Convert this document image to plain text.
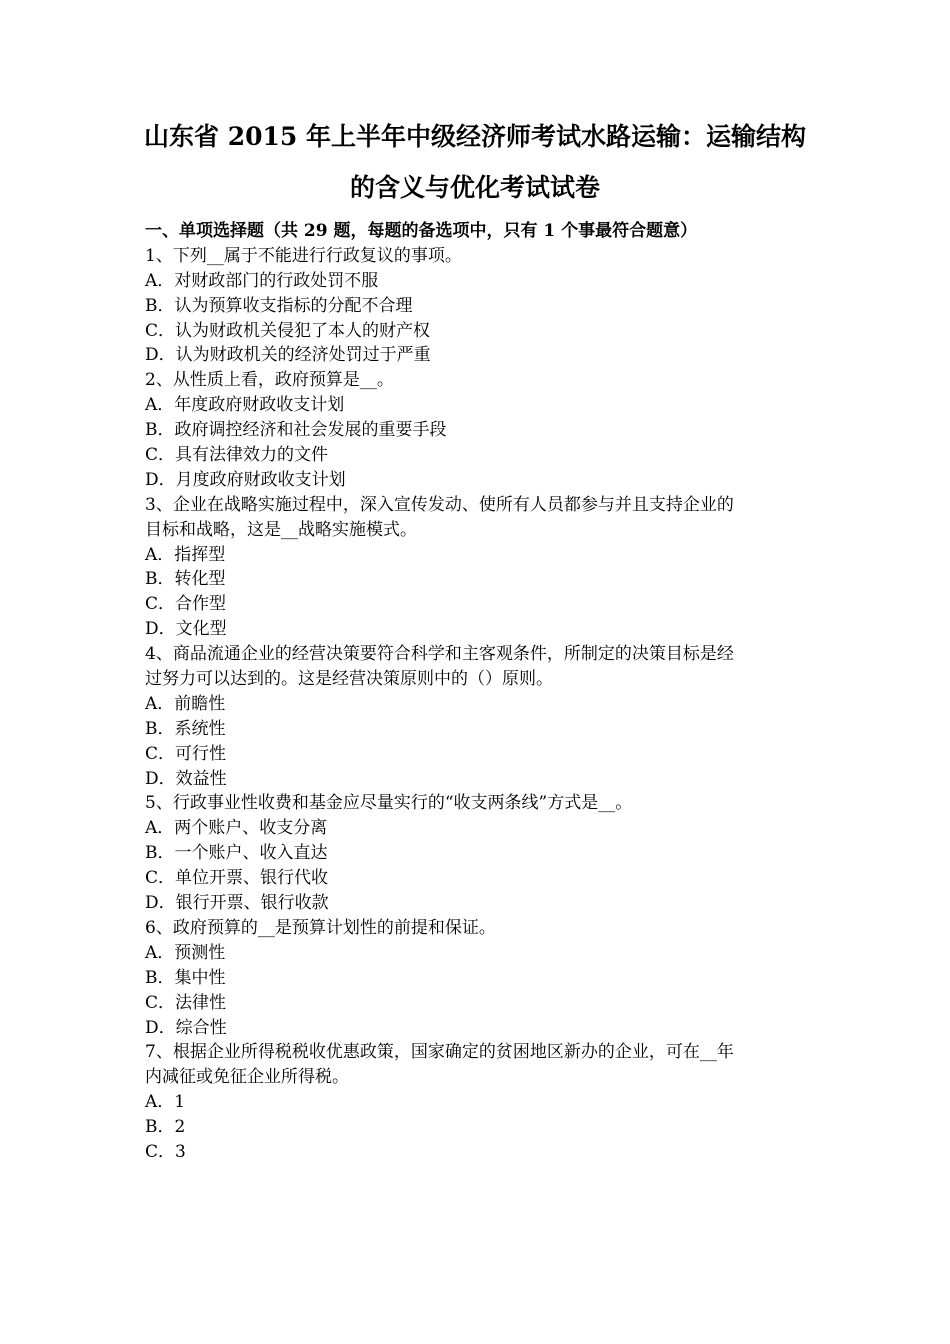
山东省 2015 年上半年中级经济师考试水路运输：运输结构
的含义与优化考试试卷
一、单项选择题（共 29 题，每题的备选项中，只有 1 个事最符合题意）
1、下列__属于不能进行行政复议的事项。
A．对财政部门的行政处罚不服
B．认为预算收支指标的分配不合理
C．认为财政机关侵犯了本人的财产权
D．认为财政机关的经济处罚过于严重
2、从性质上看，政府预算是__。
A．年度政府财政收支计划
B．政府调控经济和社会发展的重要手段
C．具有法律效力的文件
D．月度政府财政收支计划
3、企业在战略实施过程中，深入宣传发动、使所有人员都参与并且支持企业的
目标和战略，这是__战略实施模式。
A．指挥型
B．转化型
C．合作型
D．文化型
4、商品流通企业的经营决策要符合科学和主客观条件，所制定的决策目标是经
过努力可以达到的。这是经营决策原则中的（）原则。
A．前瞻性
B．系统性
C．可行性
D．效益性
5、行政事业性收费和基金应尽量实行的“收支两条线”方式是__。
A．两个账户、收支分离
B．一个账户、收入直达
C．单位开票、银行代收
D．银行开票、银行收款
6、政府预算的__是预算计划性的前提和保证。
A．预测性
B．集中性
C．法律性
D．综合性
7、根据企业所得税税收优惠政策，国家确定的贫困地区新办的企业，可在__年
内减征或免征企业所得税。
A．1
B．2
C．3
